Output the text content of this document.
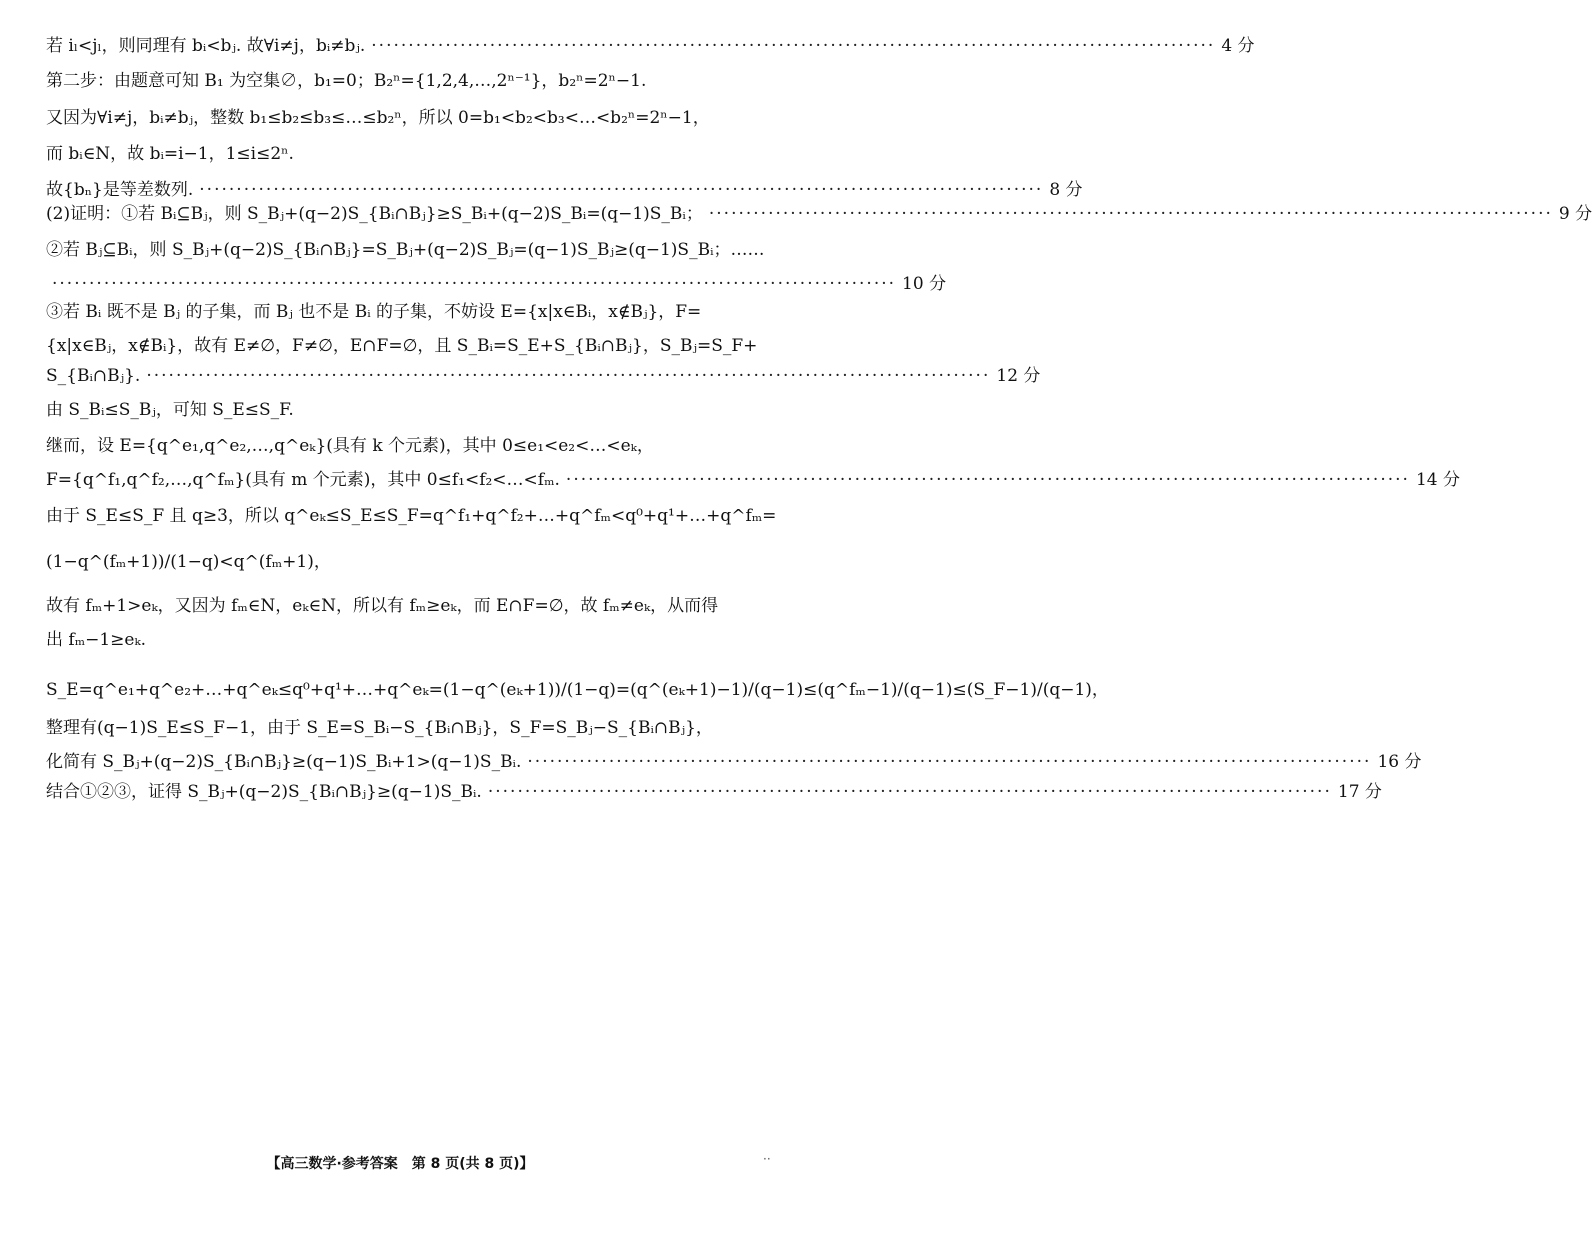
若 iₗ<jₗ，则同理有 bᵢ<bⱼ. 故∀i≠j，bᵢ≠bⱼ. ·················································································································· 4 分
第二步：由题意可知 B₁ 为空集∅，b₁=0；B₂ⁿ={1,2,4,…,2ⁿ⁻¹}，b₂ⁿ=2ⁿ−1.
又因为∀i≠j，bᵢ≠bⱼ，整数 b₁≤b₂≤b₃≤…≤b₂ⁿ，所以 0=b₁<b₂<b₃<…<b₂ⁿ=2ⁿ−1，
而 bᵢ∈N，故 bᵢ=i−1，1≤i≤2ⁿ.
故{bₙ}是等差数列. ·················································································································· 8 分
(2)证明：①若 Bᵢ⊆Bⱼ，则 S_Bⱼ+(q−2)S_{Bᵢ∩Bⱼ}≥S_Bᵢ+(q−2)S_Bᵢ=(q−1)S_Bᵢ； ·················································································································· 9 分
②若 Bⱼ⊆Bᵢ，则 S_Bⱼ+(q−2)S_{Bᵢ∩Bⱼ}=S_Bⱼ+(q−2)S_Bⱼ=(q−1)S_Bⱼ≥(q−1)S_Bᵢ；……
·················································································································· 10 分
③若 Bᵢ 既不是 Bⱼ 的子集，而 Bⱼ 也不是 Bᵢ 的子集，不妨设 E={x|x∈Bᵢ，x∉Bⱼ}，F=
{x|x∈Bⱼ，x∉Bᵢ}，故有 E≠∅，F≠∅，E∩F=∅，且 S_Bᵢ=S_E+S_{Bᵢ∩Bⱼ}，S_Bⱼ=S_F+
S_{Bᵢ∩Bⱼ}. ·················································································································· 12 分
由 S_Bᵢ≤S_Bⱼ，可知 S_E≤S_F.
继而，设 E={q^e₁,q^e₂,…,q^eₖ}(具有 k 个元素)，其中 0≤e₁<e₂<…<eₖ，
F={q^f₁,q^f₂,…,q^fₘ}(具有 m 个元素)，其中 0≤f₁<f₂<…<fₘ. ·················································································································· 14 分
由于 S_E≤S_F 且 q≥3，所以 q^eₖ≤S_E≤S_F=q^f₁+q^f₂+…+q^fₘ<q⁰+q¹+…+q^fₘ=
(1−q^(fₘ+1))/(1−q)<q^(fₘ+1)，
故有 fₘ+1>eₖ，又因为 fₘ∈N，eₖ∈N，所以有 fₘ≥eₖ，而 E∩F=∅，故 fₘ≠eₖ，从而得
出 fₘ−1≥eₖ.
S_E=q^e₁+q^e₂+…+q^eₖ≤q⁰+q¹+…+q^eₖ=(1−q^(eₖ+1))/(1−q)=(q^(eₖ+1)−1)/(q−1)≤(q^fₘ−1)/(q−1)≤(S_F−1)/(q−1)，
整理有(q−1)S_E≤S_F−1，由于 S_E=S_Bᵢ−S_{Bᵢ∩Bⱼ}，S_F=S_Bⱼ−S_{Bᵢ∩Bⱼ}，
化简有 S_Bⱼ+(q−2)S_{Bᵢ∩Bⱼ}≥(q−1)S_Bᵢ+1>(q−1)S_Bᵢ. ·················································································································· 16 分
结合①②③，证得 S_Bⱼ+(q−2)S_{Bᵢ∩Bⱼ}≥(q−1)S_Bᵢ. ·················································································································· 17 分
【高三数学·参考答案　第 8 页(共 8 页)】	··
